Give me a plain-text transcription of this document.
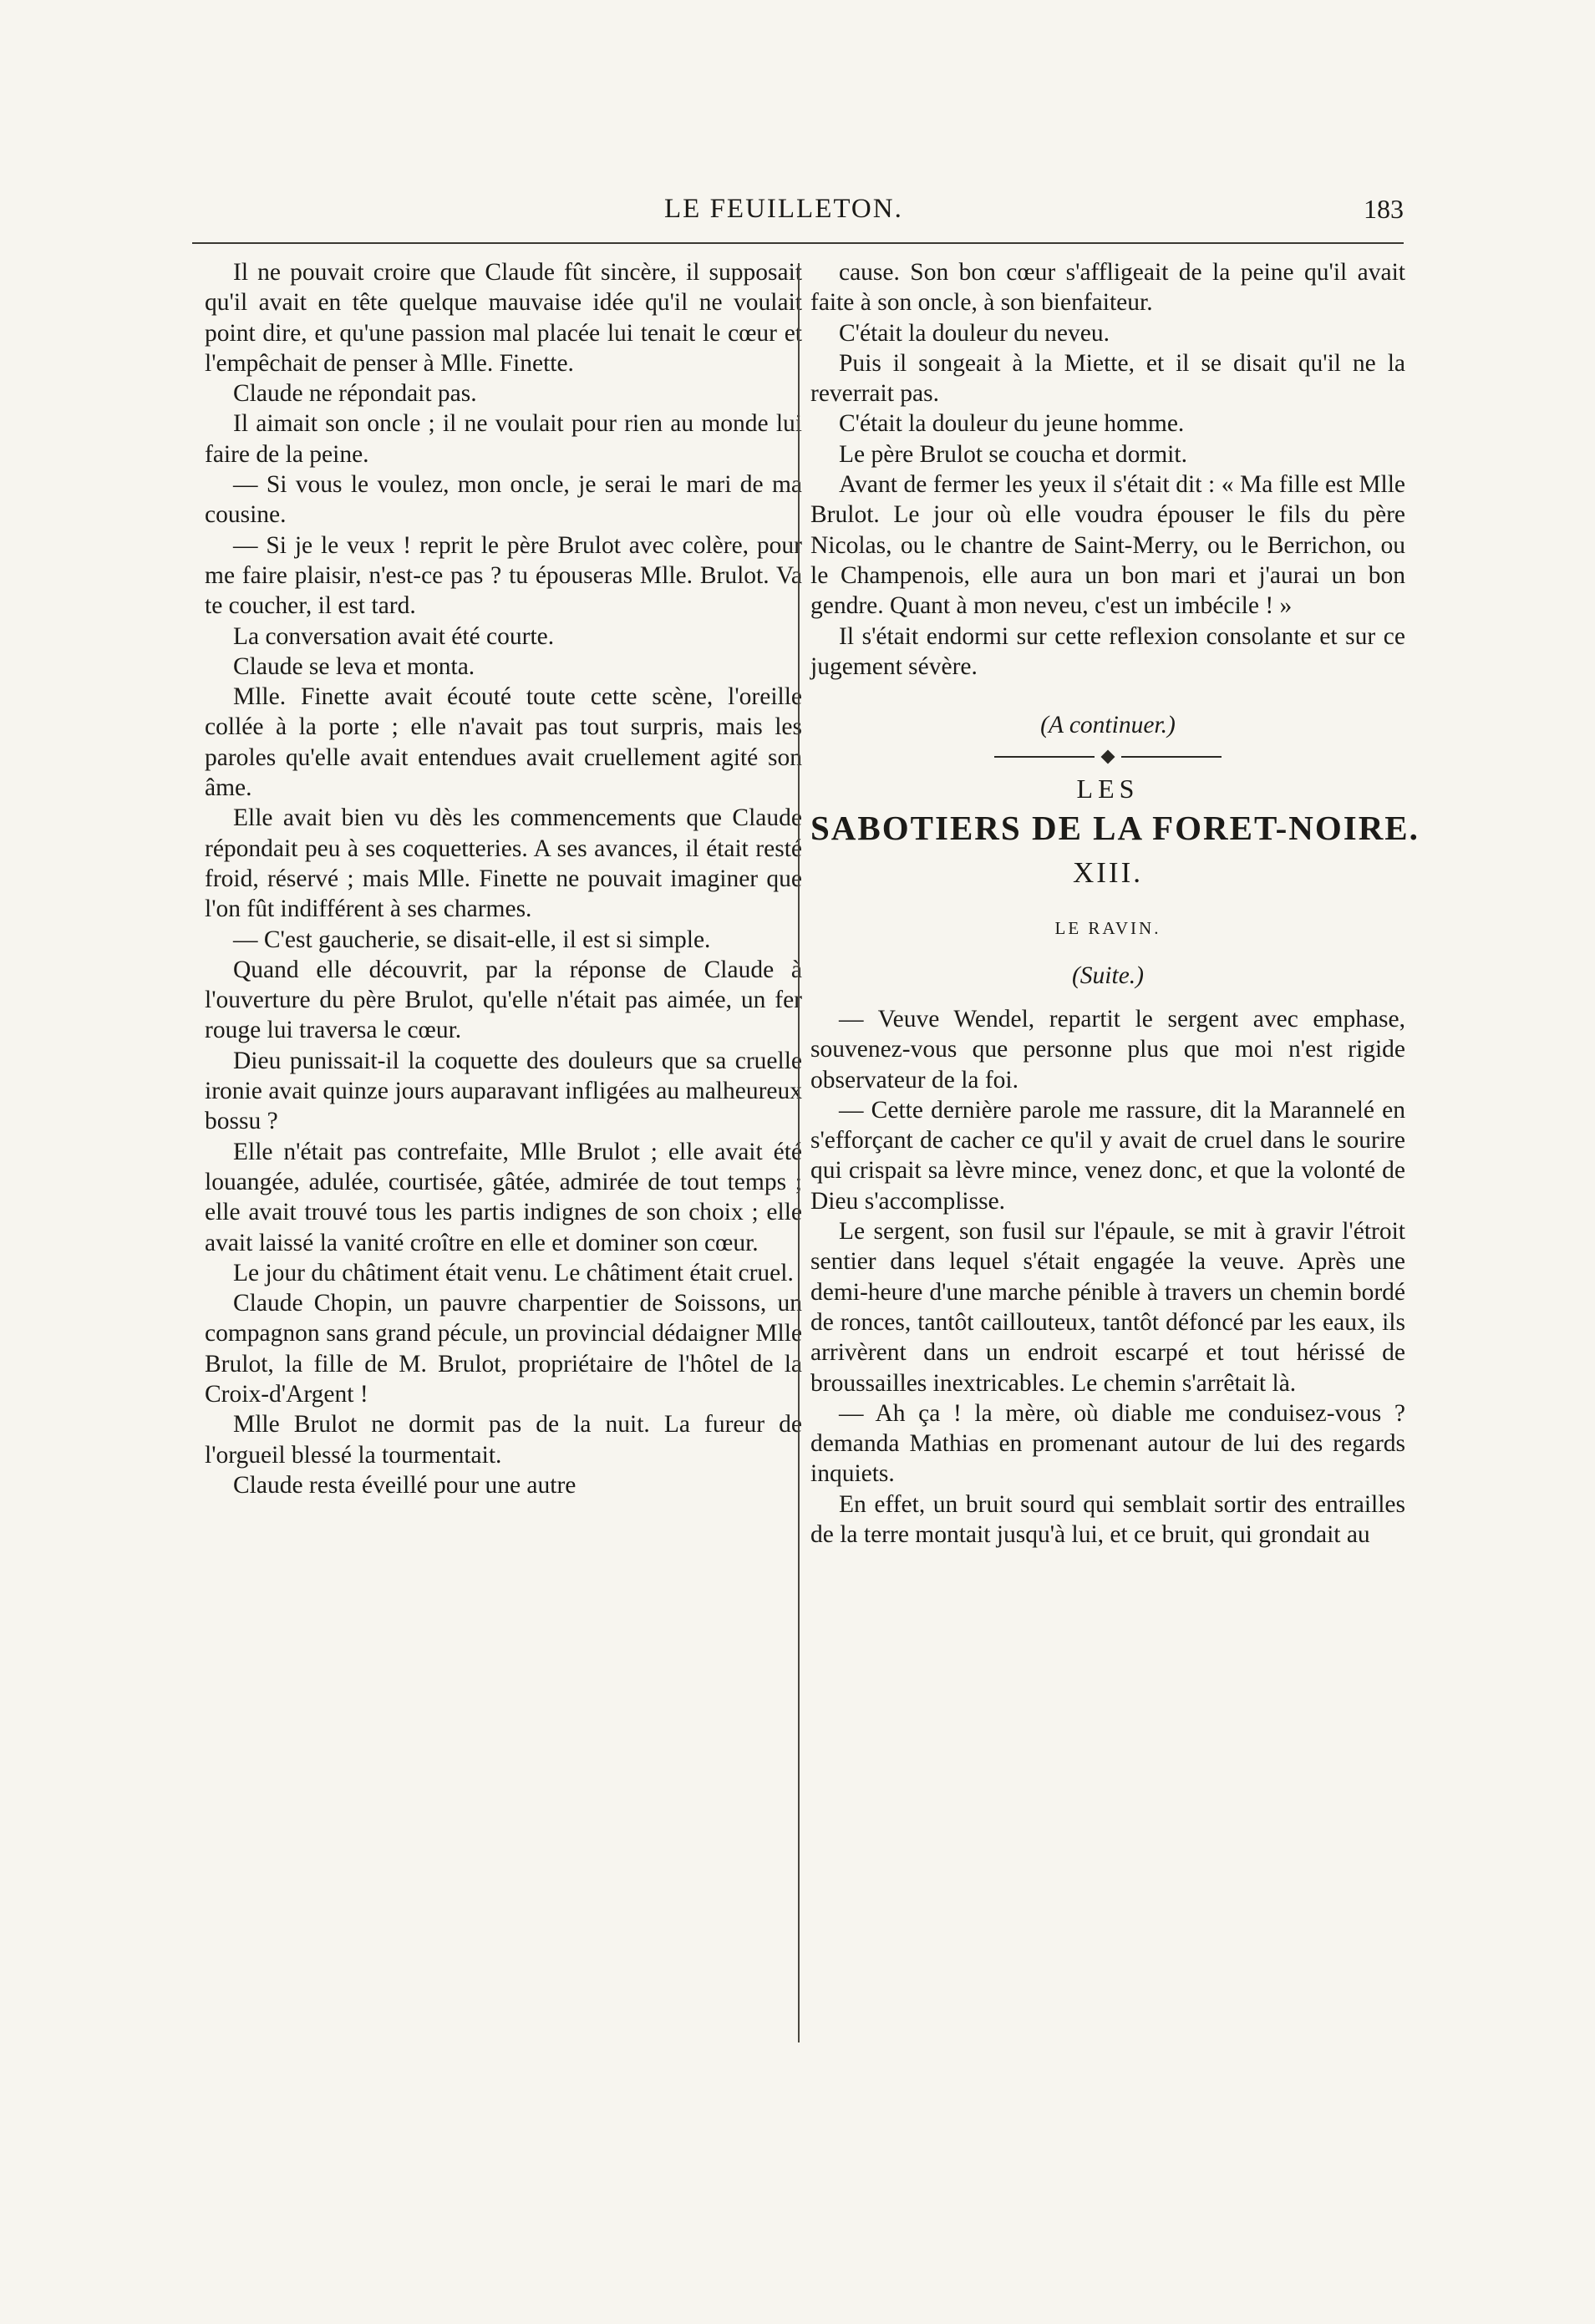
LE FEUILLETON.	183

Il ne pouvait croire que Claude fût sincère, il supposait qu'il avait en tête quelque mauvaise idée qu'il ne voulait point dire, et qu'une passion mal placée lui tenait le cœur et l'empêchait de penser à Mlle. Finette.

Claude ne répondait pas.

Il aimait son oncle ; il ne voulait pour rien au monde lui faire de la peine.

— Si vous le voulez, mon oncle, je serai le mari de ma cousine.

— Si je le veux ! reprit le père Brulot avec colère, pour me faire plaisir, n'est-ce pas ? tu épouseras Mlle. Brulot. Va te coucher, il est tard.

La conversation avait été courte.

Claude se leva et monta.

Mlle. Finette avait écouté toute cette scène, l'oreille collée à la porte ; elle n'avait pas tout surpris, mais les paroles qu'elle avait entendues avait cruellement agité son âme.

Elle avait bien vu dès les commencements que Claude répondait peu à ses coquetteries. A ses avances, il était resté froid, réservé ; mais Mlle. Finette ne pouvait imaginer que l'on fût indifférent à ses charmes.

— C'est gaucherie, se disait-elle, il est si simple.

Quand elle découvrit, par la réponse de Claude à l'ouverture du père Brulot, qu'elle n'était pas aimée, un fer rouge lui traversa le cœur.

Dieu punissait-il la coquette des douleurs que sa cruelle ironie avait quinze jours auparavant infligées au malheureux bossu ?

Elle n'était pas contrefaite, Mlle Brulot ; elle avait été louangée, adulée, courtisée, gâtée, admirée de tout temps ; elle avait trouvé tous les partis indignes de son choix ; elle avait laissé la vanité croître en elle et dominer son cœur.

Le jour du châtiment était venu. Le châtiment était cruel.

Claude Chopin, un pauvre charpentier de Soissons, un compagnon sans grand pécule, un provincial dédaigner Mlle Brulot, la fille de M. Brulot, propriétaire de l'hôtel de la Croix-d'Argent !

Mlle Brulot ne dormit pas de la nuit. La fureur de l'orgueil blessé la tourmentait.

Claude resta éveillé pour une autre

cause. Son bon cœur s'affligeait de la peine qu'il avait faite à son oncle, à son bienfaiteur.

C'était la douleur du neveu.

Puis il songeait à la Miette, et il se disait qu'il ne la reverrait pas.

C'était la douleur du jeune homme.

Le père Brulot se coucha et dormit.

Avant de fermer les yeux il s'était dit : « Ma fille est Mlle Brulot. Le jour où elle voudra épouser le fils du père Nicolas, ou le chantre de Saint-Merry, ou le Berrichon, ou le Champenois, elle aura un bon mari et j'aurai un bon gendre. Quant à mon neveu, c'est un imbécile ! »

Il s'était endormi sur cette reflexion consolante et sur ce jugement sévère.

(A continuer.)
LES
SABOTIERS DE LA FORET-NOIRE.
XIII.
LE RAVIN.
(Suite.)

— Veuve Wendel, repartit le sergent avec emphase, souvenez-vous que personne plus que moi n'est rigide observateur de la foi.

— Cette dernière parole me rassure, dit la Marannelé en s'efforçant de cacher ce qu'il y avait de cruel dans le sourire qui crispait sa lèvre mince, venez donc, et que la volonté de Dieu s'accomplisse.

Le sergent, son fusil sur l'épaule, se mit à gravir l'étroit sentier dans lequel s'était engagée la veuve. Après une demi-heure d'une marche pénible à travers un chemin bordé de ronces, tantôt caillouteux, tantôt défoncé par les eaux, ils arrivèrent dans un endroit escarpé et tout hérissé de broussailles inextricables. Le chemin s'arrêtait là.

— Ah ça ! la mère, où diable me conduisez-vous ? demanda Mathias en promenant autour de lui des regards inquiets.

En effet, un bruit sourd qui semblait sortir des entrailles de la terre montait jusqu'à lui, et ce bruit, qui grondait au
